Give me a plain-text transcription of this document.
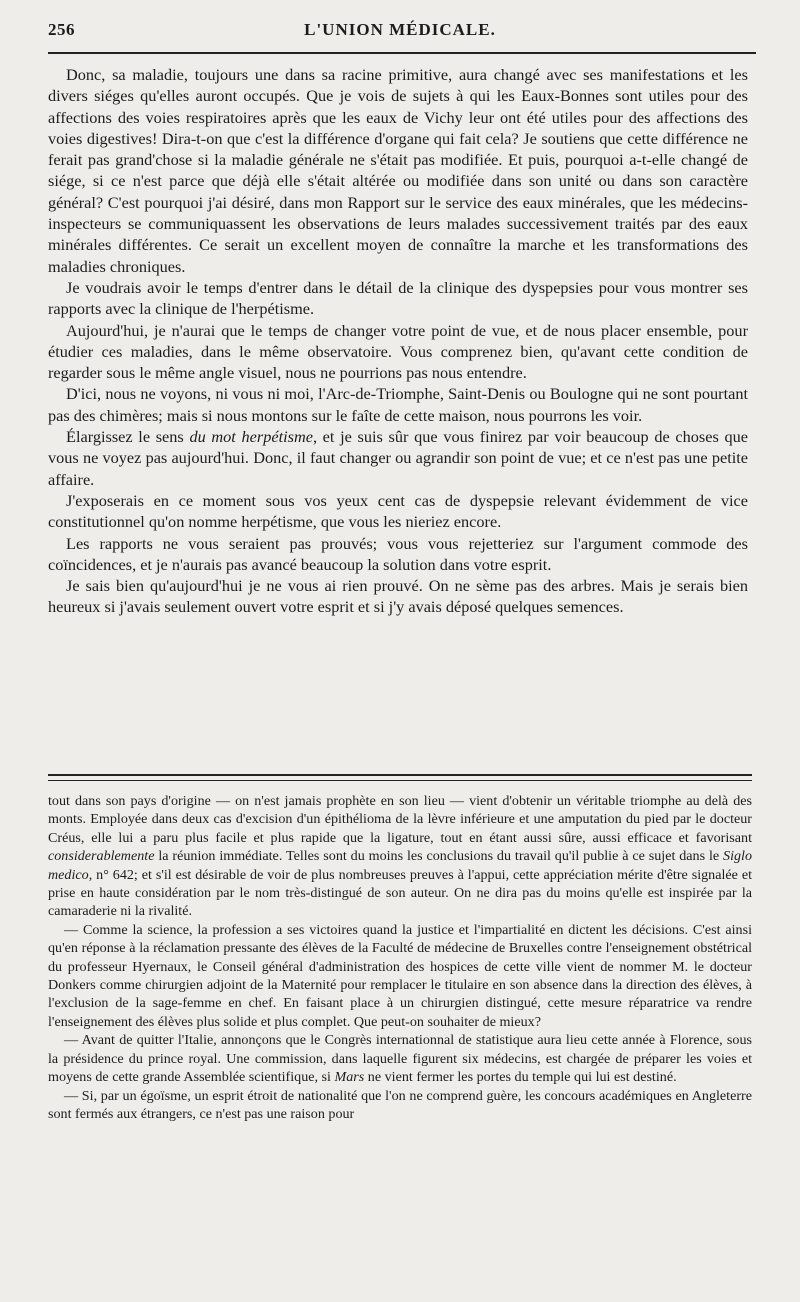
256	L'UNION MÉDICALE.

Donc, sa maladie, toujours une dans sa racine primitive, aura changé avec ses manifestations et les divers siéges qu'elles auront occupés. Que je vois de sujets à qui les Eaux-Bonnes sont utiles pour des affections des voies respiratoires après que les eaux de Vichy leur ont été utiles pour des affections des voies digestives! Dira-t-on que c'est la différence d'organe qui fait cela? Je soutiens que cette différence ne ferait pas grand'chose si la maladie générale ne s'était pas modifiée. Et puis, pourquoi a-t-elle changé de siége, si ce n'est parce que déjà elle s'était altérée ou modifiée dans son unité ou dans son caractère général? C'est pourquoi j'ai désiré, dans mon Rapport sur le service des eaux minérales, que les médecins-inspecteurs se communiquassent les observations de leurs malades successivement traités par des eaux minérales différentes. Ce serait un excellent moyen de connaître la marche et les transformations des maladies chroniques.

Je voudrais avoir le temps d'entrer dans le détail de la clinique des dyspepsies pour vous montrer ses rapports avec la clinique de l'herpétisme.

Aujourd'hui, je n'aurai que le temps de changer votre point de vue, et de nous placer ensemble, pour étudier ces maladies, dans le même observatoire. Vous comprenez bien, qu'avant cette condition de regarder sous le même angle visuel, nous ne pourrions pas nous entendre.

D'ici, nous ne voyons, ni vous ni moi, l'Arc-de-Triomphe, Saint-Denis ou Boulogne qui ne sont pourtant pas des chimères; mais si nous montons sur le faîte de cette maison, nous pourrons les voir.

Élargissez le sens du mot herpétisme, et je suis sûr que vous finirez par voir beaucoup de choses que vous ne voyez pas aujourd'hui. Donc, il faut changer ou agrandir son point de vue; et ce n'est pas une petite affaire.

J'exposerais en ce moment sous vos yeux cent cas de dyspepsie relevant évidemment de vice constitutionnel qu'on nomme herpétisme, que vous les nieriez encore.

Les rapports ne vous seraient pas prouvés; vous vous rejetteriez sur l'argument commode des coïncidences, et je n'aurais pas avancé beaucoup la solution dans votre esprit.

Je sais bien qu'aujourd'hui je ne vous ai rien prouvé. On ne sème pas des arbres. Mais je serais bien heureux si j'avais seulement ouvert votre esprit et si j'y avais déposé quelques semences.

tout dans son pays d'origine — on n'est jamais prophète en son lieu — vient d'obtenir un véritable triomphe au delà des monts. Employée dans deux cas d'excision d'un épithélioma de la lèvre inférieure et une amputation du pied par le docteur Créus, elle lui a paru plus facile et plus rapide que la ligature, tout en étant aussi sûre, aussi efficace et favorisant considerablemente la réunion immédiate. Telles sont du moins les conclusions du travail qu'il publie à ce sujet dans le Siglo medico, n° 642; et s'il est désirable de voir de plus nombreuses preuves à l'appui, cette appréciation mérite d'être signalée et prise en haute considération par le nom très-distingué de son auteur. On ne dira pas du moins qu'elle est inspirée par la camaraderie ni la rivalité.

— Comme la science, la profession a ses victoires quand la justice et l'impartialité en dictent les décisions. C'est ainsi qu'en réponse à la réclamation pressante des élèves de la Faculté de médecine de Bruxelles contre l'enseignement obstétrical du professeur Hyernaux, le Conseil général d'administration des hospices de cette ville vient de nommer M. le docteur Donkers comme chirurgien adjoint de la Maternité pour remplacer le titulaire en son absence dans la direction des élèves, à l'exclusion de la sage-femme en chef. En faisant place à un chirurgien distingué, cette mesure réparatrice va rendre l'enseignement des élèves plus solide et plus complet. Que peut-on souhaiter de mieux?

— Avant de quitter l'Italie, annonçons que le Congrès internationnal de statistique aura lieu cette année à Florence, sous la présidence du prince royal. Une commission, dans laquelle figurent six médecins, est chargée de préparer les voies et moyens de cette grande Assemblée scientifique, si Mars ne vient fermer les portes du temple qui lui est destiné.

— Si, par un égoïsme, un esprit étroit de nationalité que l'on ne comprend guère, les concours académiques en Angleterre sont fermés aux étrangers, ce n'est pas une raison pour
